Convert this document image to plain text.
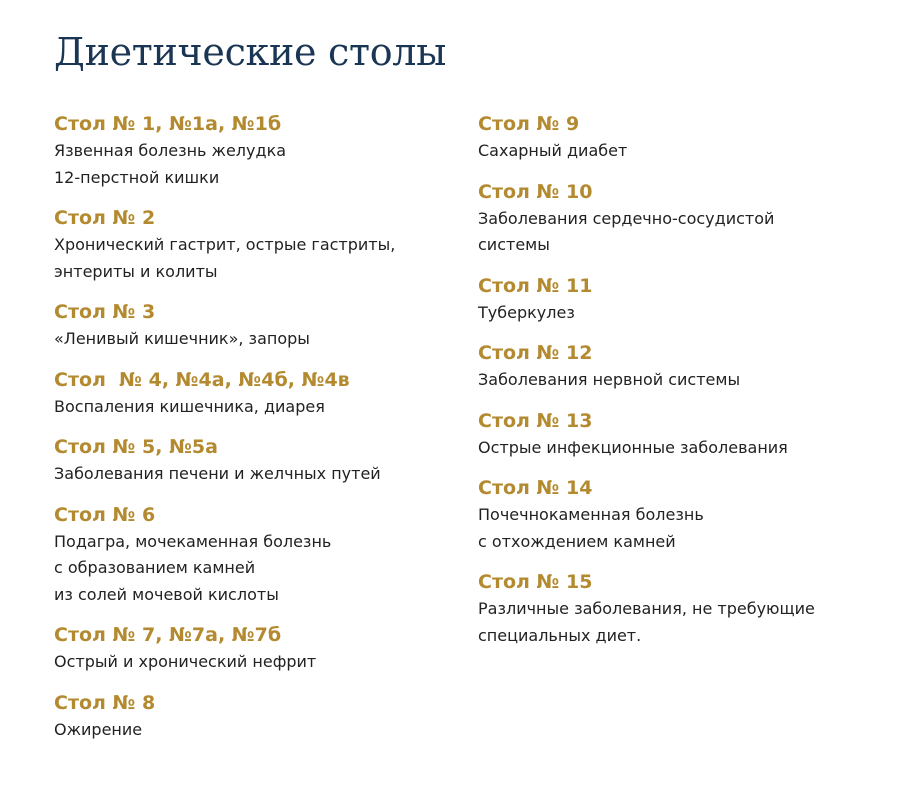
Диетические столы
Стол № 1, №1а, №1б
Язвенная болезнь желудка
12-перстной кишки
Стол № 2
Хронический гастрит, острые гастриты,
энтериты и колиты
Стол № 3
«Ленивый кишечник», запоры
Стол  № 4, №4а, №4б, №4в
Воспаления кишечника, диарея
Стол № 5, №5а
Заболевания печени и желчных путей
Стол № 6
Подагра, мочекаменная болезнь
с образованием камней
из солей мочевой кислоты
Стол № 7, №7а, №7б
Острый и хронический нефрит
Стол № 8
Ожирение
Стол № 9
Сахарный диабет
Стол № 10
Заболевания сердечно-сосудистой
системы
Стол № 11
Туберкулез
Стол № 12
Заболевания нервной системы
Стол № 13
Острые инфекционные заболевания
Стол № 14
Почечнокаменная болезнь
с отхождением камней
Стол № 15
Различные заболевания, не требующие
специальных диет.
